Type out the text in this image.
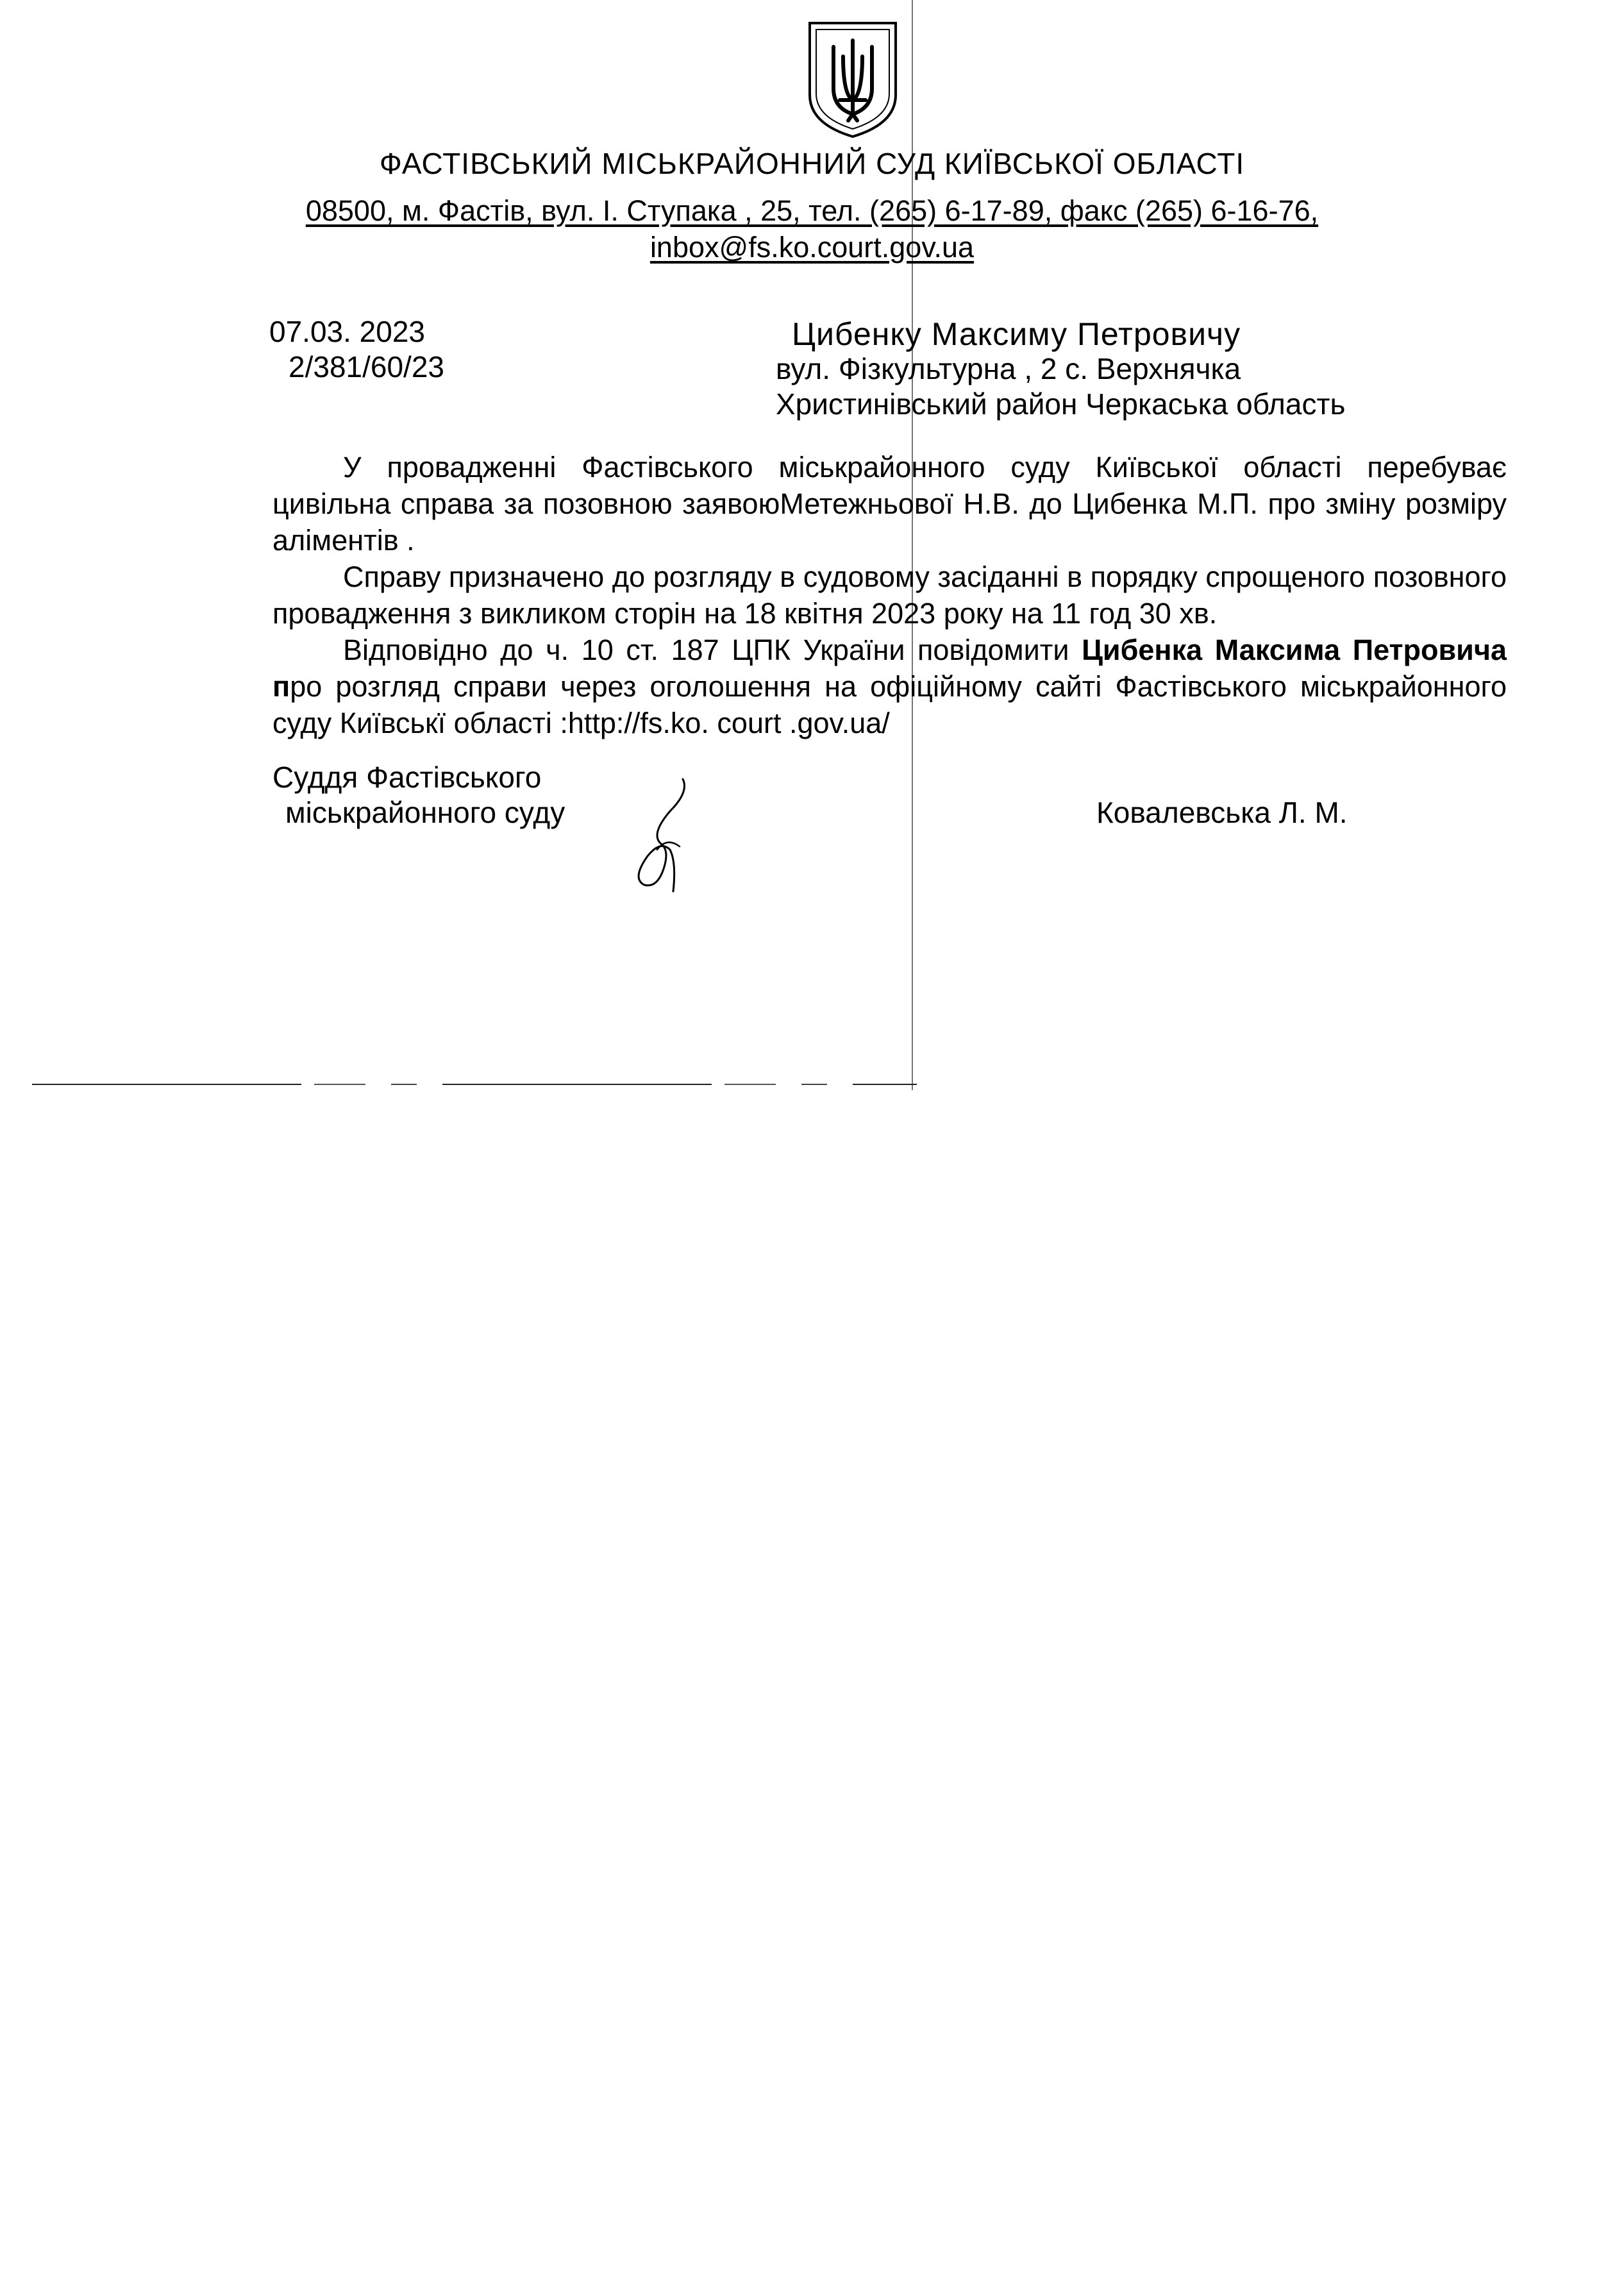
ФАСТІВСЬКИЙ МІСЬКРАЙОННИЙ СУД КИЇВСЬКОЇ ОБЛАСТІ
08500, м. Фастів, вул. І. Ступака , 25, тел. (265) 6-17-89, факс (265) 6-16-76,
inbox@fs.ko.court.gov.ua
07.03. 2023
2/381/60/23
Цибенку Максиму Петровичу
вул. Фізкультурна , 2 с. Верхнячка
Христинівський район Черкаська область

У провадженні Фастівського міськрайонного суду Київської області перебуває цивільна справа за позовною заявоюМетежньової Н.В. до Цибенка М.П. про зміну розміру аліментів .

Справу призначено до розгляду в судовому засіданні в порядку спрощеного позовного провадження з викликом сторін на 18 квітня 2023 року на 11 год 30 хв.

Відповідно до ч. 10 ст. 187 ЦПК України повідомити Цибенка Максима Петровича про розгляд справи через оголошення на офіційному сайті Фастівського міськрайонного суду Київськї області :http://fs.ko. court .gov.ua/

Суддя Фастівського
міськрайонного суду	Ковалевська Л. М.
